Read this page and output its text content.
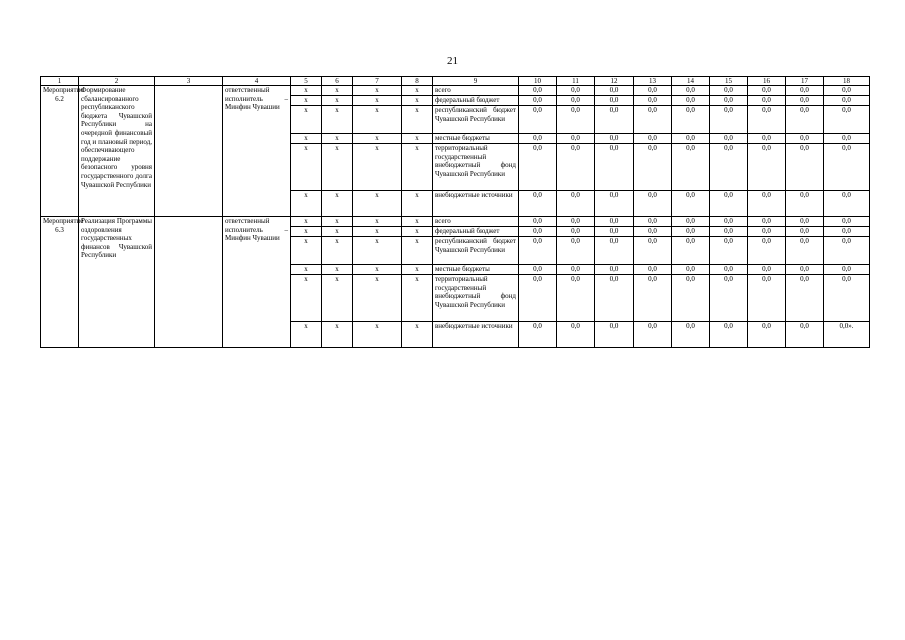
21
1	2	3	4	5	6	7	8	9	10	11	12	13	14	15	16	17	18
Мероприятие 6.2	Формирование сбалансированного республиканского бюджета Чувашской Республики на очередной финансовый год и плановый период, обеспечивающего поддержание безопасного уровня государственного долга Чувашской Республики		ответственный исполнитель – Минфин Чувашии	x	x	x	x	всего	0,0	0,0	0,0	0,0	0,0	0,0	0,0	0,0	0,0
				x	x	x	x	федеральный бюджет	0,0	0,0	0,0	0,0	0,0	0,0	0,0	0,0	0,0
				x	x	x	x	республиканский бюджет Чувашской Республики	0,0	0,0	0,0	0,0	0,0	0,0	0,0	0,0	0,0
				x	x	x	x	местные бюджеты	0,0	0,0	0,0	0,0	0,0	0,0	0,0	0,0	0,0
				x	x	x	x	территориальный государственный внебюджетный фонд Чувашской Республики	0,0	0,0	0,0	0,0	0,0	0,0	0,0	0,0	0,0
				x	x	x	x	внебюджетные источники	0,0	0,0	0,0	0,0	0,0	0,0	0,0	0,0	0,0
Мероприятие 6.3	Реализация Программы оздоровления государственных финансов Чувашской Республики		ответственный исполнитель – Минфин Чувашии	x	x	x	x	всего	0,0	0,0	0,0	0,0	0,0	0,0	0,0	0,0	0,0
				x	x	x	x	федеральный бюджет	0,0	0,0	0,0	0,0	0,0	0,0	0,0	0,0	0,0
				x	x	x	x	республиканский бюджет Чувашской Республики	0,0	0,0	0,0	0,0	0,0	0,0	0,0	0,0	0,0
				x	x	x	x	местные бюджеты	0,0	0,0	0,0	0,0	0,0	0,0	0,0	0,0	0,0
				x	x	x	x	территориальный государственный внебюджетный фонд Чувашской Республики	0,0	0,0	0,0	0,0	0,0	0,0	0,0	0,0	0,0
				x	x	x	x	внебюджетные источники	0,0	0,0	0,0	0,0	0,0	0,0	0,0	0,0	0,0».
